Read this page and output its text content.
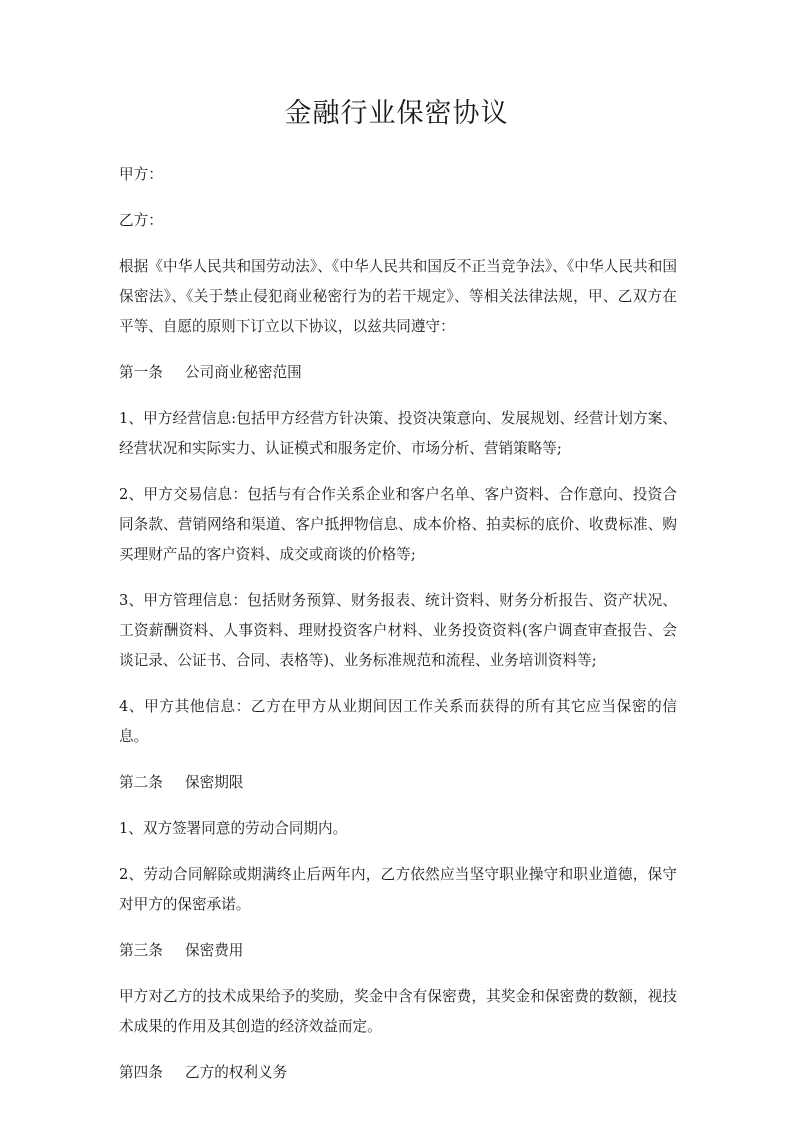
金融行业保密协议

甲方：

乙方：

根据《中华人民共和国劳动法》、《中华人民共和国反不正当竞争法》、《中华人民共和国保密法》、《关于禁止侵犯商业秘密行为的若干规定》、等相关法律法规，甲、乙双方在平等、自愿的原则下订立以下协议，以兹共同遵守：

第一条 公司商业秘密范围

1、甲方经营信息:包括甲方经营方针决策、投资决策意向、发展规划、经营计划方案、经营状况和实际实力、认证模式和服务定价、市场分析、营销策略等;

2、甲方交易信息：包括与有合作关系企业和客户名单、客户资料、合作意向、投资合同条款、营销网络和渠道、客户抵押物信息、成本价格、拍卖标的底价、收费标准、购买理财产品的客户资料、成交或商谈的价格等;

3、甲方管理信息：包括财务预算、财务报表、统计资料、财务分析报告、资产状况、工资薪酬资料、人事资料、理财投资客户材料、业务投资资料(客户调查审查报告、会谈记录、公证书、合同、表格等)、业务标准规范和流程、业务培训资料等;

4、甲方其他信息：乙方在甲方从业期间因工作关系而获得的所有其它应当保密的信息。

第二条 保密期限

1、双方签署同意的劳动合同期内。

2、劳动合同解除或期满终止后两年内，乙方依然应当坚守职业操守和职业道德，保守对甲方的保密承诺。

第三条 保密费用

甲方对乙方的技术成果给予的奖励，奖金中含有保密费，其奖金和保密费的数额，视技术成果的作用及其创造的经济效益而定。

第四条 乙方的权利义务
